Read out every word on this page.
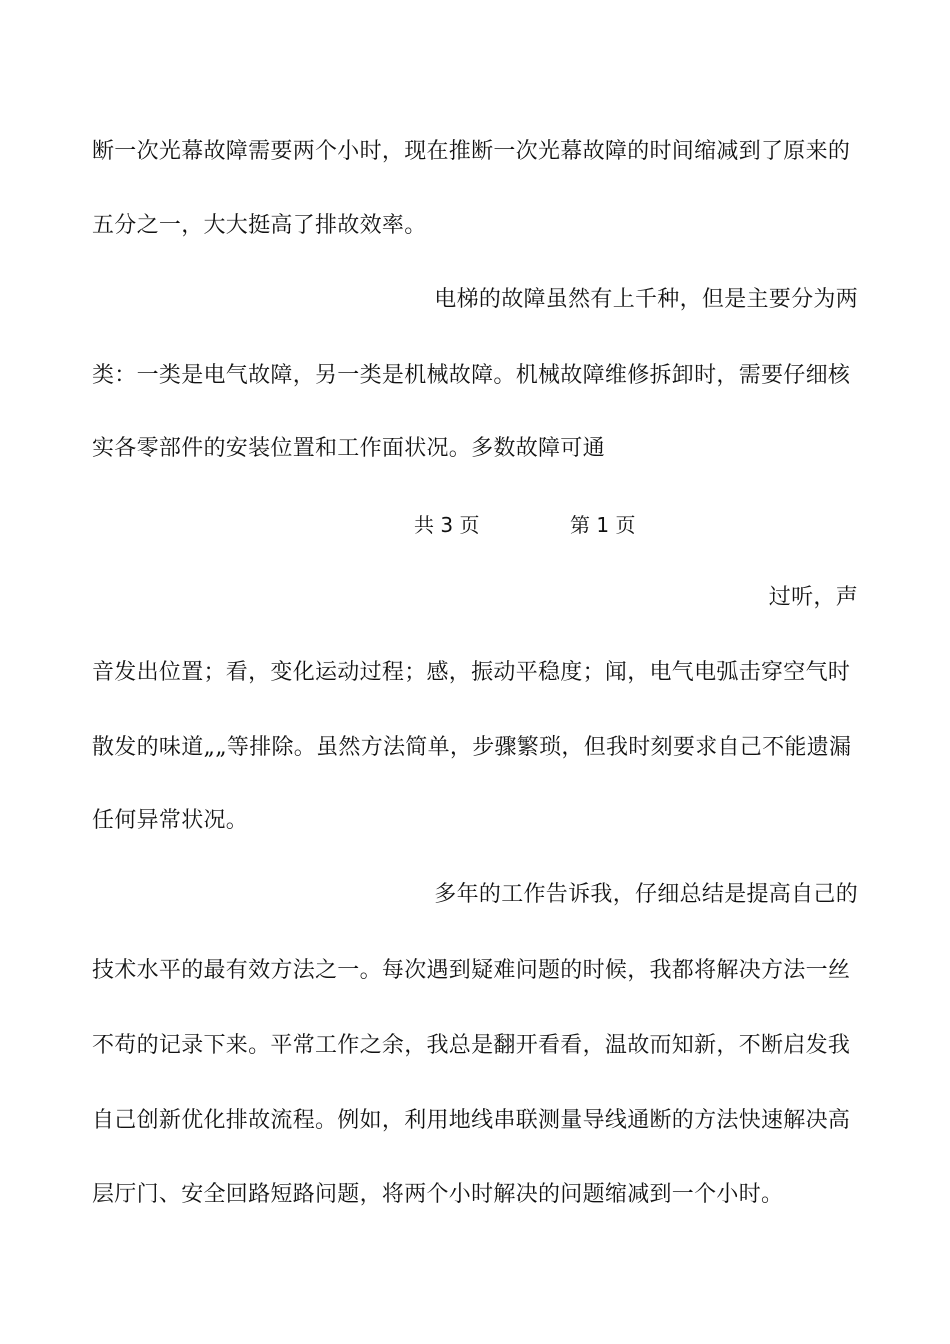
断一次光幕故障需要两个小时，现在推断一次光幕故障的时间缩减到了原来的
五分之一，大大挺高了排故效率。
电梯的故障虽然有上千种，但是主要分为两
类：一类是电气故障，另一类是机械故障。机械故障维修拆卸时，需要仔细核
实各零部件的安装位置和工作面状况。多数故障可通
共 3 页	第 1 页
过听，声
音发出位置；看，变化运动过程；感，振动平稳度；闻，电气电弧击穿空气时
散发的味道„„等排除。虽然方法简单，步骤繁琐，但我时刻要求自己不能遗漏
任何异常状况。
多年的工作告诉我，仔细总结是提高自己的
技术水平的最有效方法之一。每次遇到疑难问题的时候，我都将解决方法一丝
不苟的记录下来。平常工作之余，我总是翻开看看，温故而知新，不断启发我
自己创新优化排故流程。例如，利用地线串联测量导线通断的方法快速解决高
层厅门、安全回路短路问题，将两个小时解决的问题缩减到一个小时。
